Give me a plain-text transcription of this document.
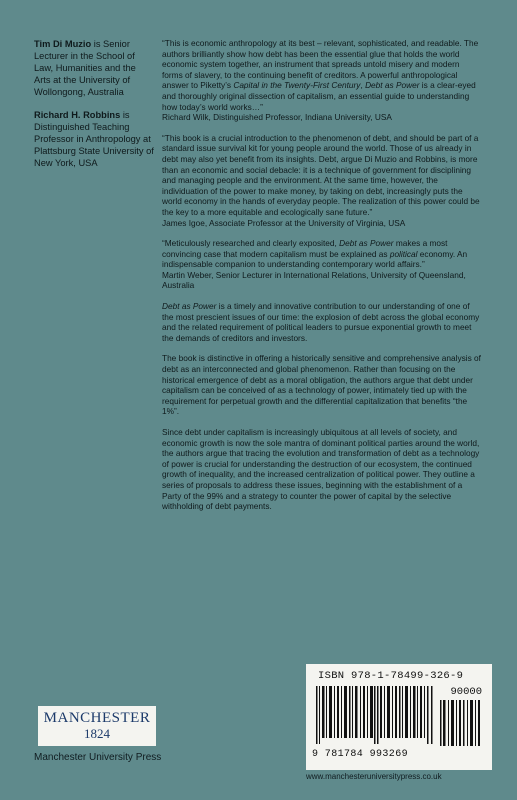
Tim Di Muzio is Senior Lecturer in the School of Law, Humanities and the Arts at the University of Wollongong, Australia

Richard H. Robbins is Distinguished Teaching Professor in Anthropology at Plattsburg State University of New York, USA

“This is economic anthropology at its best – relevant, sophisticated, and readable. The authors brilliantly show how debt has been the essential glue that holds the world economic system together, an instrument that spreads untold misery and modern forms of slavery, to the continuing benefit of creditors. A powerful anthropological answer to Piketty’s Capital in the Twenty-First Century, Debt as Power is a clear-eyed and thoroughly original dissection of capitalism, an essential guide to understanding how today’s world works…”
Richard Wilk, Distinguished Professor, Indiana University, USA

“This book is a crucial introduction to the phenomenon of debt, and should be part of a standard issue survival kit for young people around the world. Those of us already in debt may also yet benefit from its insights. Debt, argue Di Muzio and Robbins, is more than an economic and social debacle: it is a technique of government for disciplining and managing people and the environment. At the same time, however, the individuation of the power to make money, by taking on debt, increasingly puts the world economy in the hands of everyday people. The realization of this power could be the key to a more equitable and ecologically sane future.”
James Igoe, Associate Professor at the University of Virginia, USA

“Meticulously researched and clearly exposited, Debt as Power makes a most convincing case that modern capitalism must be explained as political economy. An indispensable companion to understanding contemporary world affairs.”
Martin Weber, Senior Lecturer in International Relations, University of Queensland, Australia

Debt as Power is a timely and innovative contribution to our understanding of one of the most prescient issues of our time: the explosion of debt across the global economy and the related requirement of political leaders to pursue exponential growth to meet the demands of creditors and investors.

The book is distinctive in offering a historically sensitive and comprehensive analysis of debt as an interconnected and global phenomenon. Rather than focusing on the historical emergence of debt as a moral obligation, the authors argue that debt under capitalism can be conceived of as a technology of power, intimately tied up with the requirement for perpetual growth and the differential capitalization that benefits “the 1%”.

Since debt under capitalism is increasingly ubiquitous at all levels of society, and economic growth is now the sole mantra of dominant political parties around the world, the authors argue that tracing the evolution and transformation of debt as a technology of power is crucial for understanding the destruction of our ecosystem, the continued growth of inequality, and the increased centralization of political power. They outline a series of proposals to address these issues, beginning with the establishment of a Party of the 99% and a strategy to counter the power of capital by the selective withholding of debt payments.

ISBN 978-1-78499-326-9
90000
9 781784 993269
MANCHESTER
1824
Manchester University Press
www.manchesteruniversitypress.co.uk
